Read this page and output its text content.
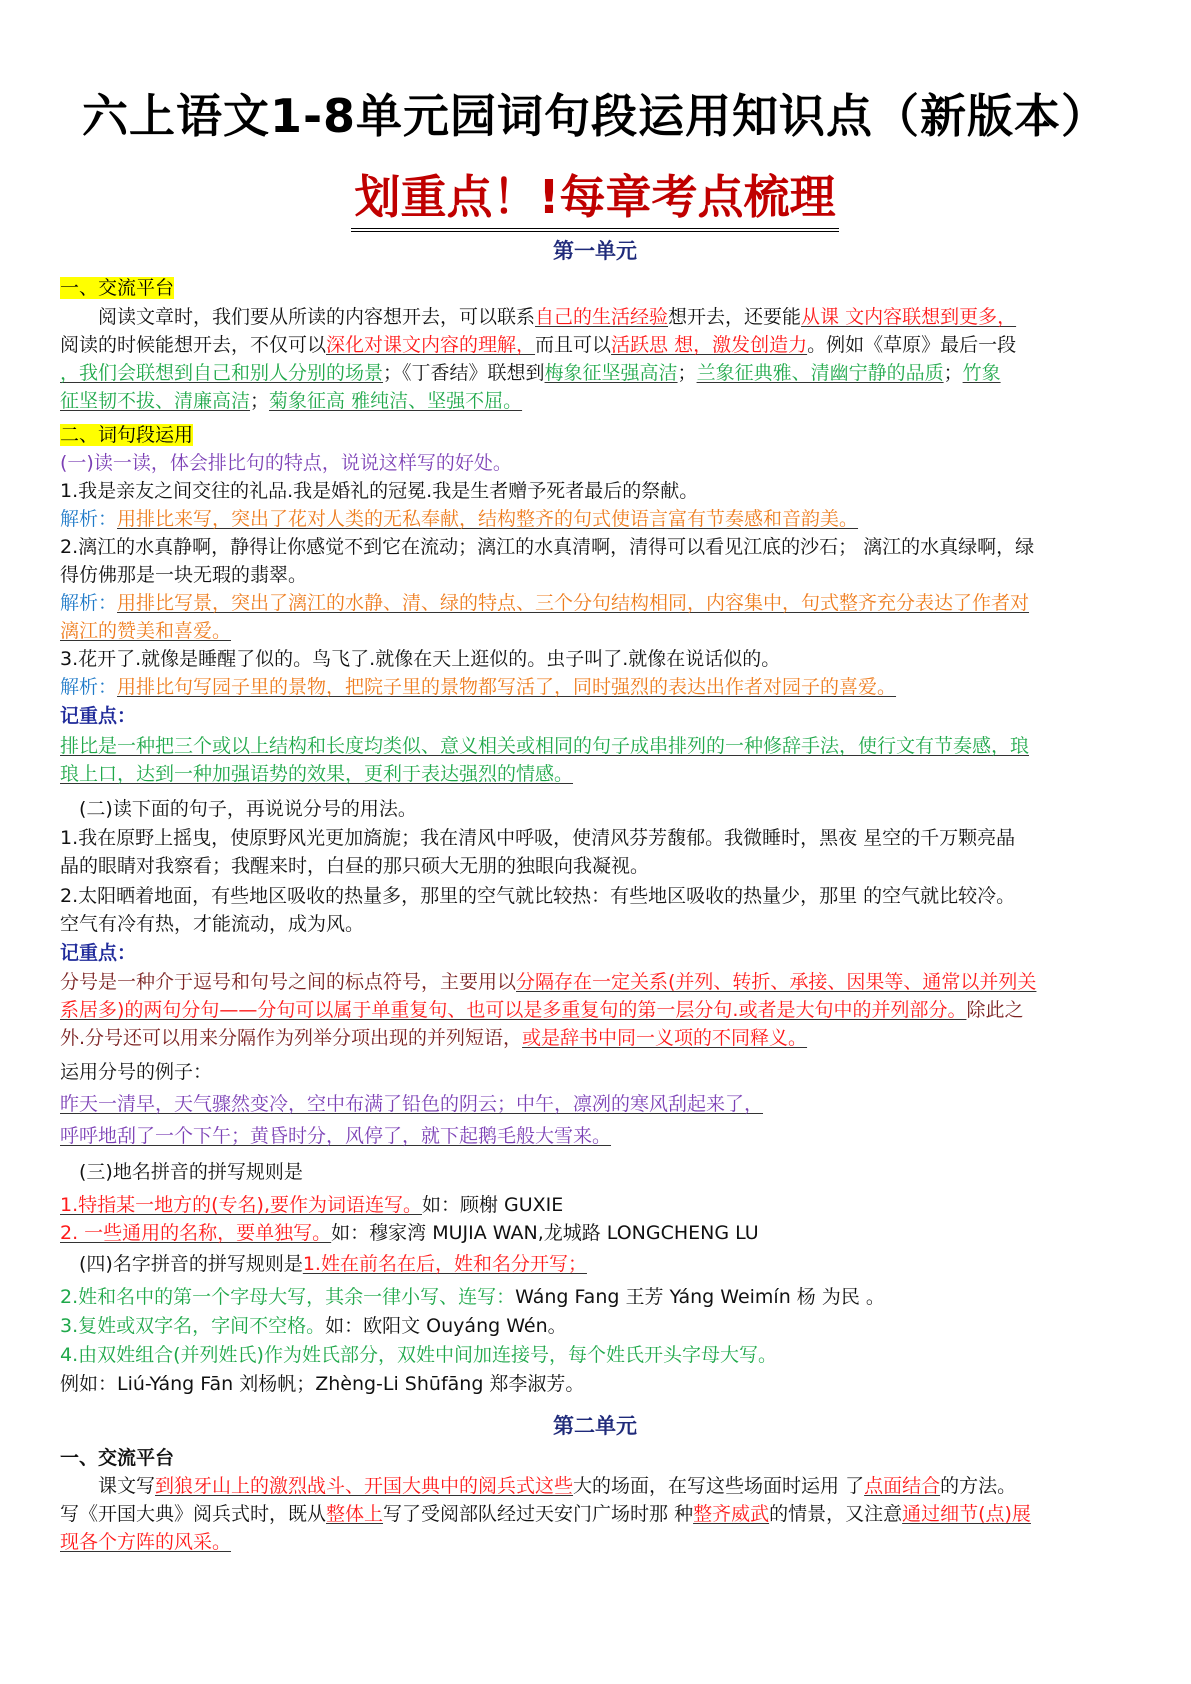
六上语文1-8单元园词句段运用知识点（新版本）
划重点！!每章考点梳理
第一单元
一、交流平台
　　阅读文章时，我们要从所读的内容想开去，可以联系自己的生活经验想开去，还要能从课 文内容联想到更多，
阅读的时候能想开去，不仅可以深化对课文内容的理解，而且可以活跃思 想，激发创造力。例如《草原》最后一段
，我们会联想到自己和别人分别的场景；《丁香结》联想到梅象征坚强高洁；兰象征典雅、清幽宁静的品质；竹象
征坚韧不拔、清廉高洁；菊象征高 雅纯洁、坚强不屈。
二、词句段运用
(一)读一读，体会排比句的特点，说说这样写的好处。
1.我是亲友之间交往的礼品.我是婚礼的冠冕.我是生者赠予死者最后的祭献。
解析：用排比来写，突出了花对人类的无私奉献，结构整齐的句式使语言富有节奏感和音韵美。
2.漓江的水真静啊，静得让你感觉不到它在流动；漓江的水真清啊，清得可以看见江底的沙石； 漓江的水真绿啊，绿
得仿佛那是一块无瑕的翡翠。
解析：用排比写景，突出了漓江的水静、清、绿的特点、三个分句结构相同，内容集中，句式整齐充分表达了作者对
漓江的赞美和喜爱。
3.花开了.就像是睡醒了似的。鸟飞了.就像在天上逛似的。虫子叫了.就像在说话似的。
解析：用排比句写园子里的景物，把院子里的景物都写活了，同时强烈的表达出作者对园子的喜爱。
记重点：
排比是一种把三个或以上结构和长度均类似、意义相关或相同的句子成串排列的一种修辞手法，使行文有节奏感，琅
琅上口，达到一种加强语势的效果，更利于表达强烈的情感。
　(二)读下面的句子，再说说分号的用法。
1.我在原野上摇曳，使原野风光更加旖旎；我在清风中呼吸，使清风芬芳馥郁。我微睡时，黑夜 星空的千万颗亮晶
晶的眼睛对我察看；我醒来时，白昼的那只硕大无朋的独眼向我凝视。
2.太阳晒着地面，有些地区吸收的热量多，那里的空气就比较热：有些地区吸收的热量少，那里 的空气就比较冷。
空气有冷有热，才能流动，成为风。
记重点：
分号是一种介于逗号和句号之间的标点符号，主要用以分隔存在一定关系(并列、转折、承接、因果等、通常以并列关
系居多)的两句分句——分句可以属于单重复句、也可以是多重复句的第一层分句.或者是大句中的并列部分。除此之
外.分号还可以用来分隔作为列举分项出现的并列短语，或是辞书中同一义项的不同释义。
运用分号的例子：
昨天一清早，天气骤然变冷，空中布满了铅色的阴云；中午，凛冽的寒风刮起来了，
呼呼地刮了一个下午；黄昏时分，风停了，就下起鹅毛般大雪来。
　(三)地名拼音的拼写规则是
1.特指某一地方的(专名),要作为词语连写。如：顾榭 GUXIE
2. 一些通用的名称，要单独写。如：穆家湾 MUJIA WAN,龙城路 LONGCHENG LU
　(四)名字拼音的拼写规则是1.姓在前名在后，姓和名分开写；
2.姓和名中的第一个字母大写，其余一律小写、连写：Wáng Fang 王芳 Yáng Weimín 杨 为民 。
3.复姓或双字名，字间不空格。如：欧阳文 Ouyáng Wén。
4.由双姓组合(并列姓氏)作为姓氏部分，双姓中间加连接号，每个姓氏开头字母大写。
例如：Liú-Yáng Fān 刘杨帆；Zhèng-Li Shūfāng 郑李淑芳。
第二单元
一、交流平台
　　课文写到狼牙山上的激烈战斗、开国大典中的阅兵式这些大的场面，在写这些场面时运用 了点面结合的方法。
写《开国大典》阅兵式时，既从整体上写了受阅部队经过天安门广场时那 种整齐威武的情景，又注意通过细节(点)展
现各个方阵的风采。
